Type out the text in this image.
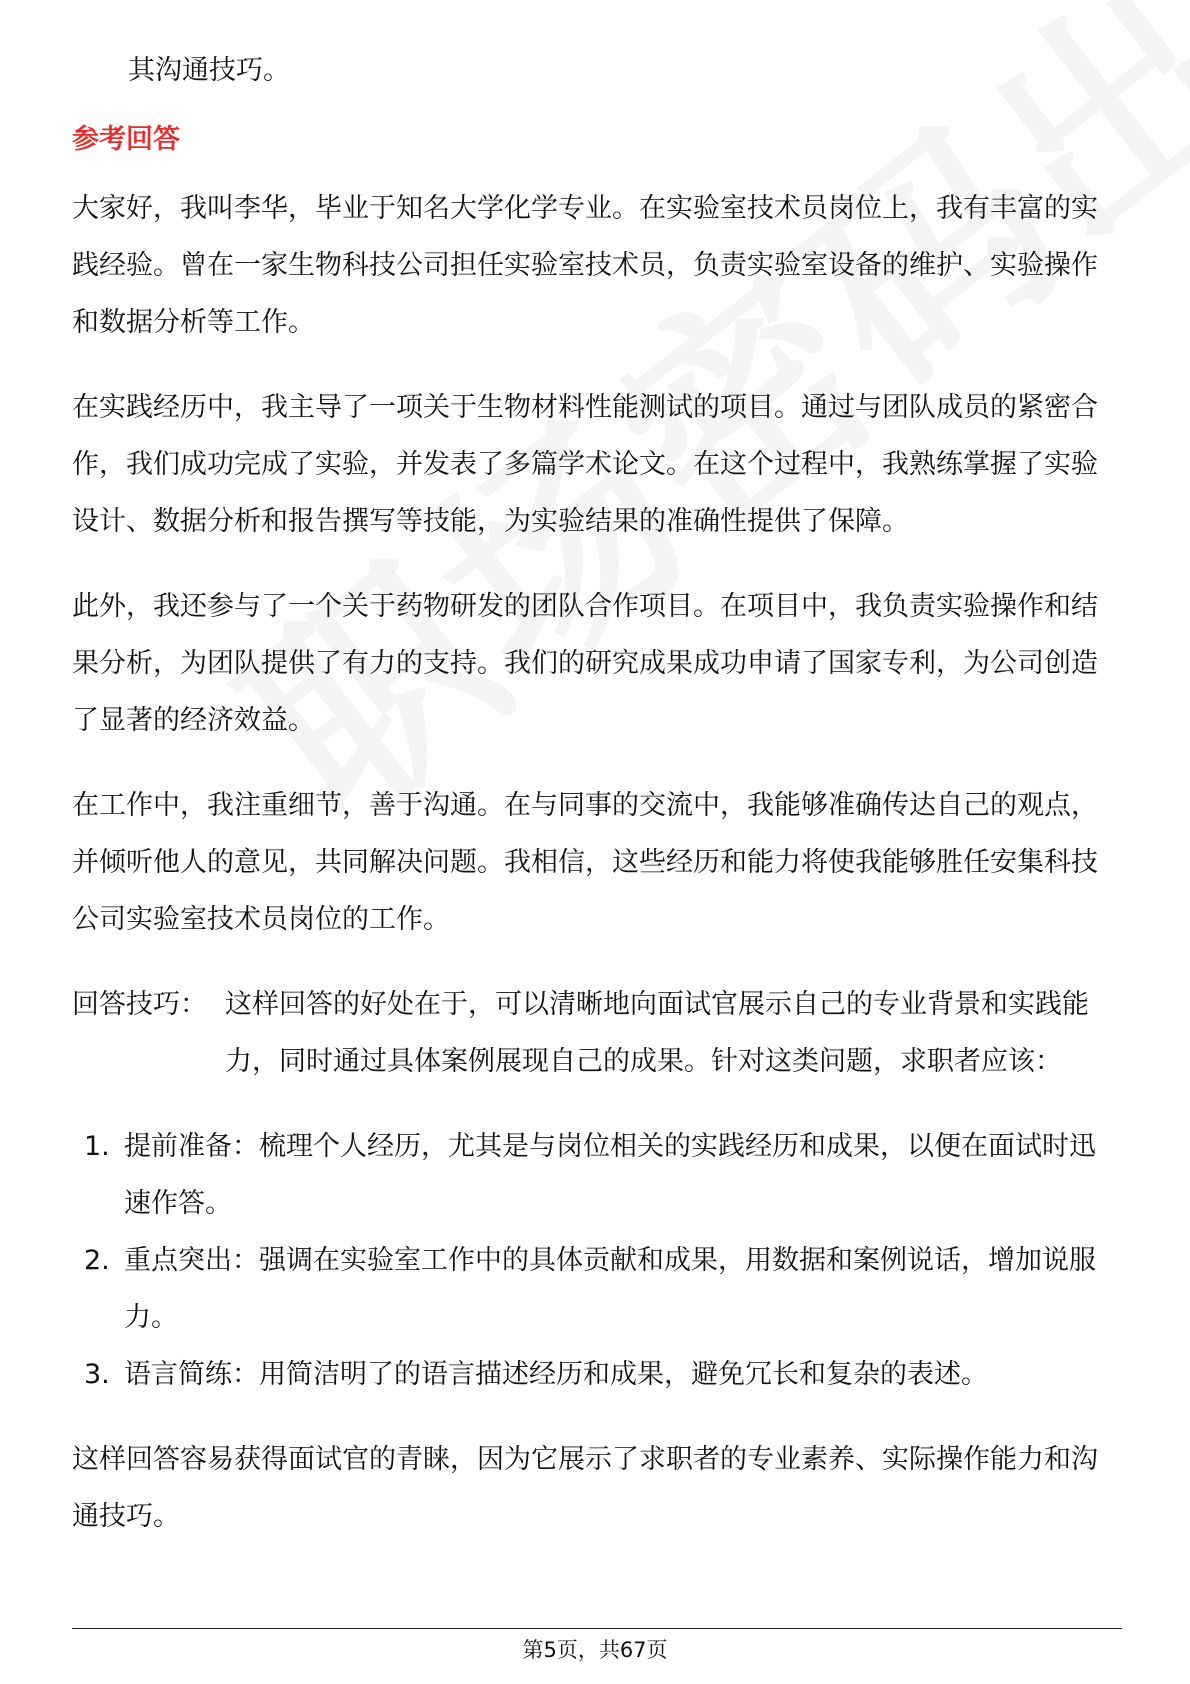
其沟通技巧。

参考回答

大家好，我叫李华，毕业于知名大学化学专业。在实验室技术员岗位上，我有丰富的实践经验。曾在一家生物科技公司担任实验室技术员，负责实验室设备的维护、实验操作和数据分析等工作。

在实践经历中，我主导了一项关于生物材料性能测试的项目。通过与团队成员的紧密合作，我们成功完成了实验，并发表了多篇学术论文。在这个过程中，我熟练掌握了实验设计、数据分析和报告撰写等技能，为实验结果的准确性提供了保障。

此外，我还参与了一个关于药物研发的团队合作项目。在项目中，我负责实验操作和结果分析，为团队提供了有力的支持。我们的研究成果成功申请了国家专利，为公司创造了显著的经济效益。

在工作中，我注重细节，善于沟通。在与同事的交流中，我能够准确传达自己的观点，并倾听他人的意见，共同解决问题。我相信，这些经历和能力将使我能够胜任安集科技公司实验室技术员岗位的工作。

回答技巧： 这样回答的好处在于，可以清晰地向面试官展示自己的专业背景和实践能力，同时通过具体案例展现自己的成果。针对这类问题，求职者应该：
1. 提前准备：梳理个人经历，尤其是与岗位相关的实践经历和成果，以便在面试时迅速作答。
2. 重点突出：强调在实验室工作中的具体贡献和成果，用数据和案例说话，增加说服力。
3. 语言简练：用简洁明了的语言描述经历和成果，避免冗长和复杂的表述。

这样回答容易获得面试官的青睐，因为它展示了求职者的专业素养、实际操作能力和沟通技巧。

第5页，共67页
